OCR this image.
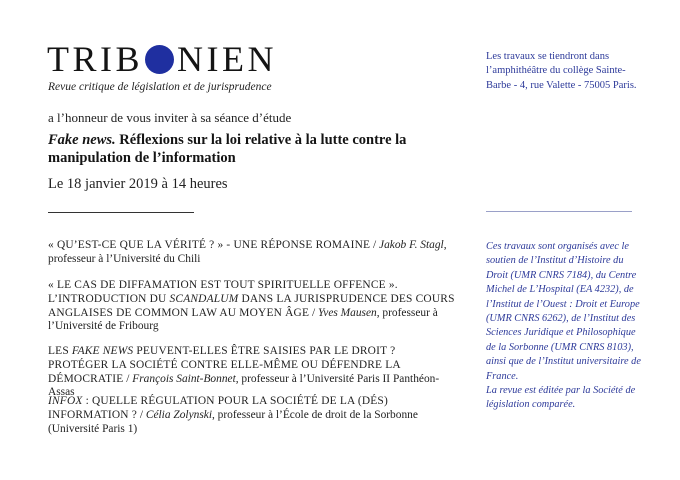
TRIB NIEN
Revue critique de législation et de jurisprudence
a l’honneur de vous inviter à sa séance d’étude
Fake news. Réflexions sur la loi relative à la lutte contre la manipulation de l’information
Le 18 janvier 2019 à 14 heures
« QU’EST-CE QUE LA VÉRITÉ ? » - UNE RÉPONSE ROMAINE / Jakob F. Stagl, professeur à l’Université du Chili
« LE CAS DE DIFFAMATION EST TOUT SPIRITUELLE OFFENCE ». L’INTRODUCTION DU SCANDALUM DANS LA JURISPRUDENCE DES COURS ANGLAISES DE COMMON LAW AU MOYEN ÂGE / Yves Mausen, professeur à l’Université de Fribourg
LES FAKE NEWS PEUVENT-ELLES ÊTRE SAISIES PAR LE DROIT ? PROTÉGER LA SOCIÉTÉ CONTRE ELLE-MÊME OU DÉFENDRE LA DÉMOCRATIE / François Saint-Bonnet, professeur à l’Université Paris II Panthéon-Assas
INFOX : QUELLE RÉGULATION POUR LA SOCIÉTÉ DE LA (DÉS) INFORMATION ? / Célia Zolynski, professeur à l’École de droit de la Sorbonne (Université Paris 1)
Les travaux se tiendront dans l’amphithéâtre du collège Sainte-Barbe - 4, rue Valette - 75005 Paris.
Ces travaux sont organisés avec le soutien de l’Institut d’Histoire du Droit (UMR CNRS 7184), du Centre Michel de L’Hospital (EA 4232), de l’Institut de l’Ouest : Droit et Europe (UMR CNRS 6262), de l’Institut des Sciences Juridique et Philosophique de la Sorbonne (UMR CNRS 8103), ainsi que de l’Institut universitaire de France.
La revue est éditée par la Société de législation comparée.
